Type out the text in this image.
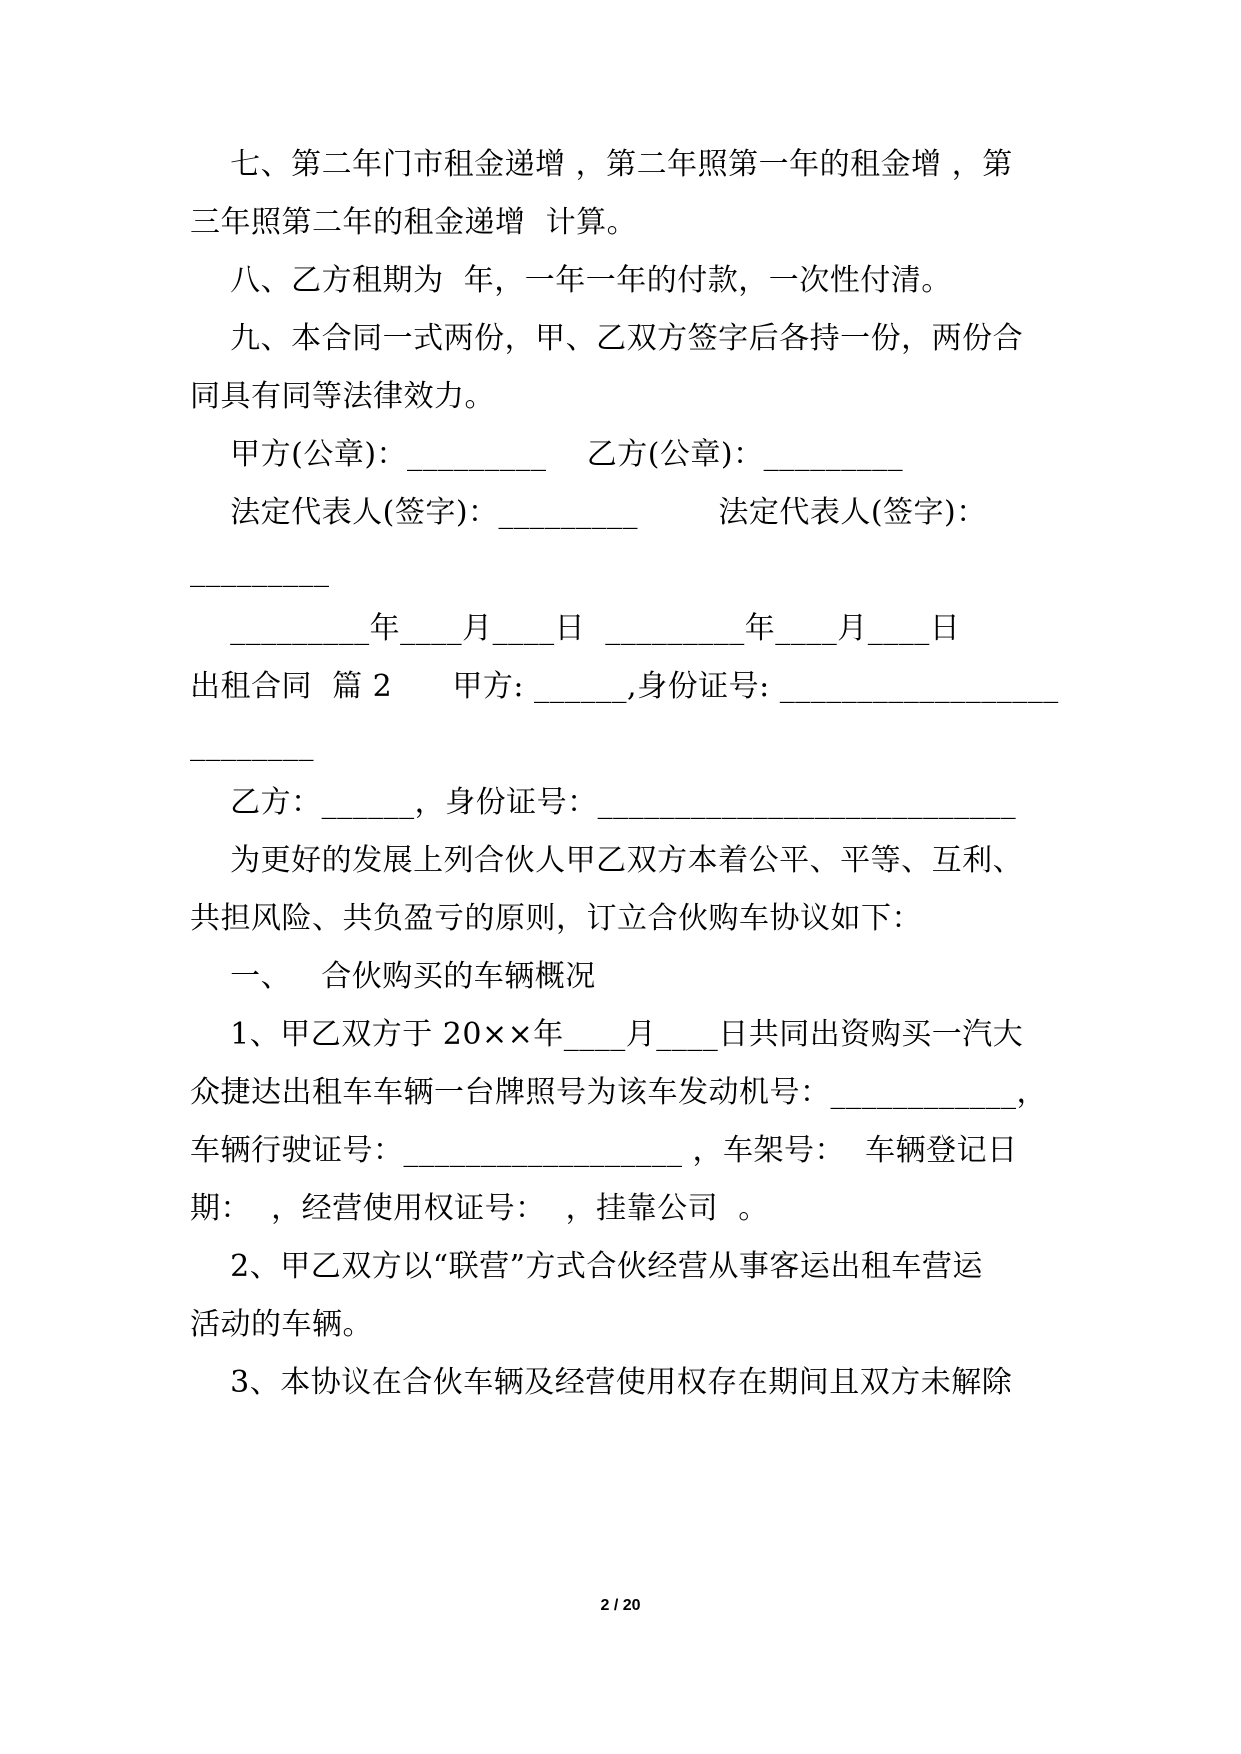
七、第二年门市租金递增 ，第二年照第一年的租金增 ，第
三年照第二年的租金递增  计算。
八、乙方租期为  年，一年一年的付款，一次性付清。
九、本合同一式两份，甲、乙双方签字后各持一份，两份合
同具有同等法律效力。
甲方(公章)：_________    乙方(公章)：_________
法定代表人(签字)：_________        法定代表人(签字)：
_________
_________年____月____日  _________年____月____日
出租合同  篇 2      甲方: ______,身份证号: __________________
________
乙方：______，身份证号：___________________________
为更好的发展上列合伙人甲乙双方本着公平、平等、互利、
共担风险、共负盈亏的原则，订立合伙购车协议如下：
一、   合伙购买的车辆概况
1、甲乙双方于 20××年____月____日共同出资购买一汽大
众捷达出租车车辆一台牌照号为该车发动机号：____________，
车辆行驶证号：__________________ ，车架号：  车辆登记日
期：  ，经营使用权证号：  ，挂靠公司  。
2、甲乙双方以“联营”方式合伙经营从事客运出租车营运
活动的车辆。
3、本协议在合伙车辆及经营使用权存在期间且双方未解除
2 / 20
